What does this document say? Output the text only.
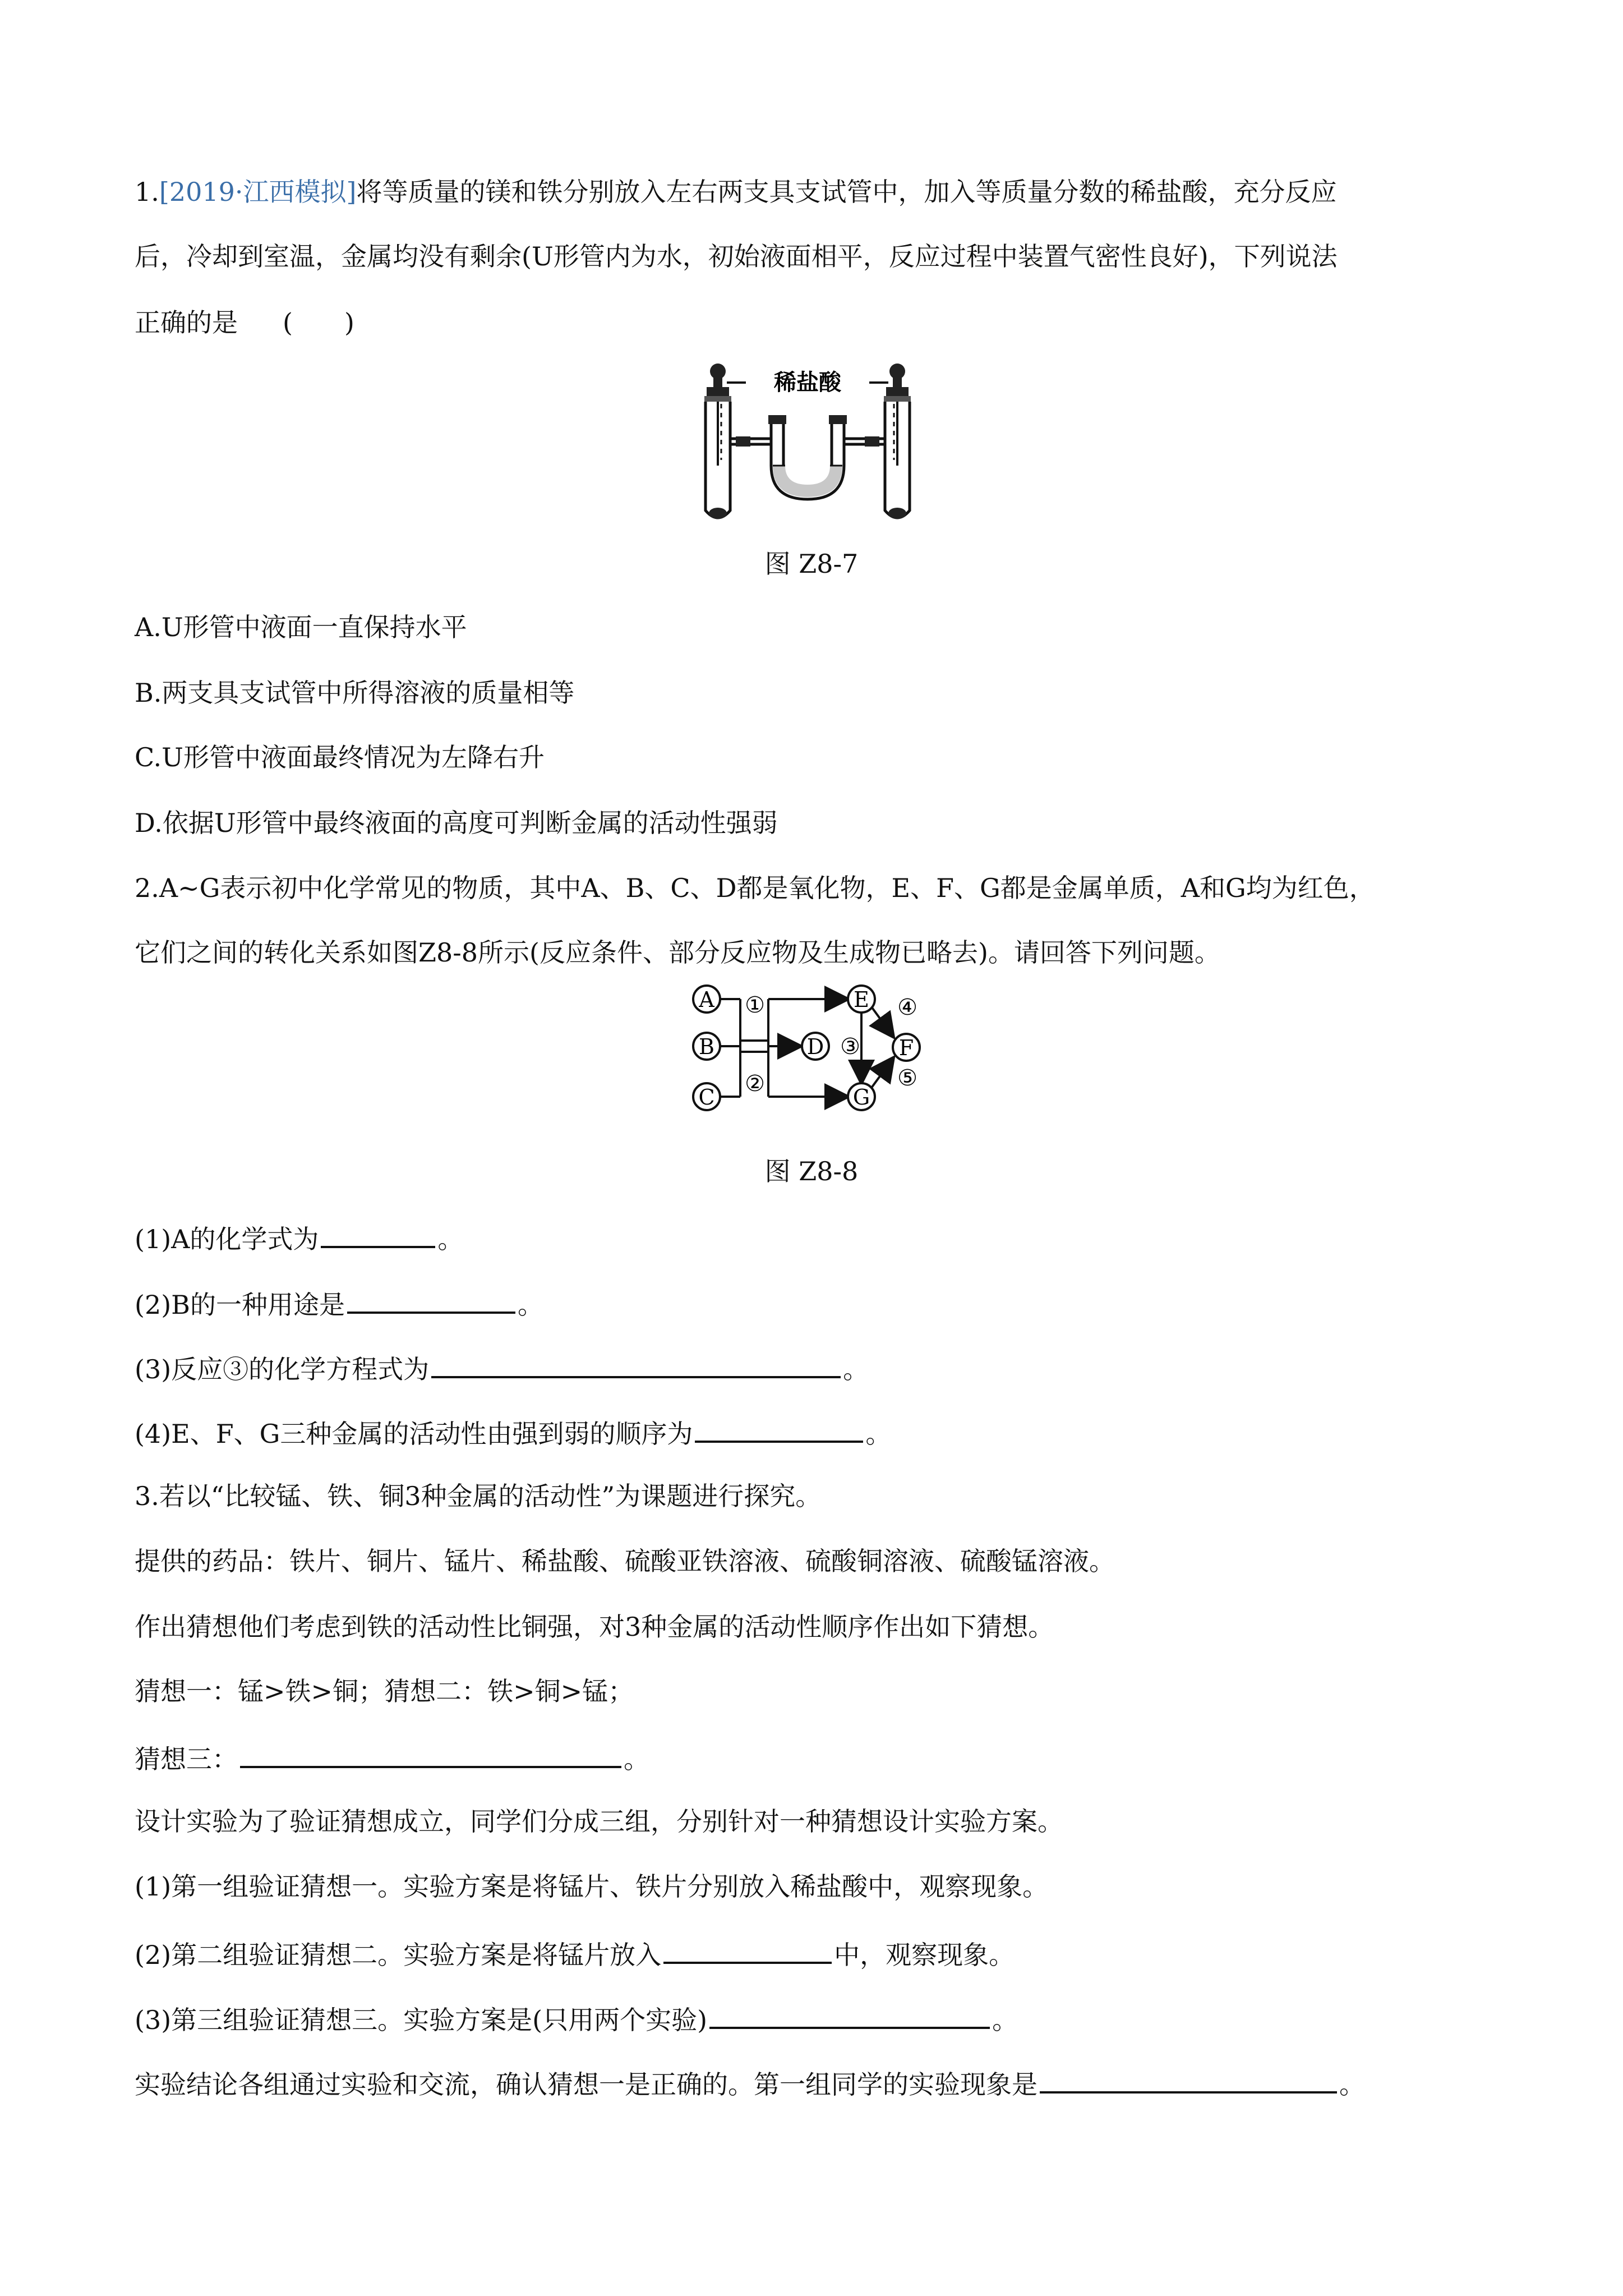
1.[2019·江西模拟]将等质量的镁和铁分别放入左右两支具支试管中，加入等质量分数的稀盐酸，充分反应
后，冷却到室温，金属均没有剩余(U形管内为水，初始液面相平，反应过程中装置气密性良好)，下列说法
正确的是 (　　)
稀盐酸
图 Z8-7
A.U形管中液面一直保持水平
B.两支具支试管中所得溶液的质量相等
C.U形管中液面最终情况为左降右升
D.依据U形管中最终液面的高度可判断金属的活动性强弱
2.A~G表示初中化学常见的物质，其中A、B、C、D都是氧化物，E、F、G都是金属单质，A和G均为红色，
它们之间的转化关系如图Z8-8所示(反应条件、部分反应物及生成物已略去)。请回答下列问题。
A
B
C
D
E
F
G
①
②
③
④
⑤
图 Z8-8
(1)A的化学式为	。
(2)B的一种用途是	。
(3)反应③的化学方程式为	。
(4)E、F、G三种金属的活动性由强到弱的顺序为	。
3.若以“比较锰、铁、铜3种金属的活动性”为课题进行探究。
提供的药品：铁片、铜片、锰片、稀盐酸、硫酸亚铁溶液、硫酸铜溶液、硫酸锰溶液。
作出猜想他们考虑到铁的活动性比铜强，对3种金属的活动性顺序作出如下猜想。
猜想一：锰>铁>铜；猜想二：铁>铜>锰；
猜想三：	。
设计实验为了验证猜想成立，同学们分成三组，分别针对一种猜想设计实验方案。
(1)第一组验证猜想一。实验方案是将锰片、铁片分别放入稀盐酸中，观察现象。
(2)第二组验证猜想二。实验方案是将锰片放入	中，观察现象。
(3)第三组验证猜想三。实验方案是(只用两个实验)	。
实验结论各组通过实验和交流，确认猜想一是正确的。第一组同学的实验现象是	。
